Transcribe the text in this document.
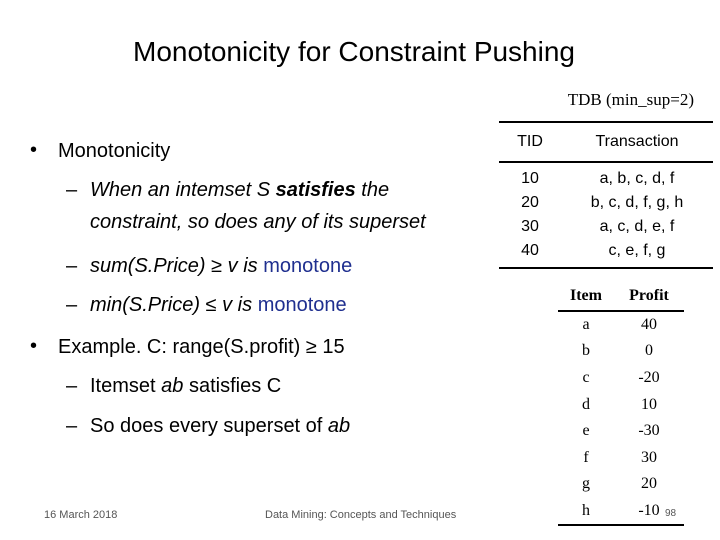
Monotonicity for Constraint Pushing
TDB (min_sup=2)
• Monotonicity
– When an intemset S satisfies the
constraint, so does any of its superset
– sum(S.Price) ≥ v is monotone
– min(S.Price) ≤ v is monotone
• Example. C: range(S.profit) ≥ 15
– Itemset ab satisfies C
– So does every superset of ab
TID	Transaction
10	a, b, c, d, f
20	b, c, d, f, g, h
30	a, c, d, e, f
40	c, e, f, g
Item	Profit
a	40
b	0
c	-20
d	10
e	-30
f	30
g	20
h	-10
16 March 2018	Data Mining: Concepts and Techniques	98
